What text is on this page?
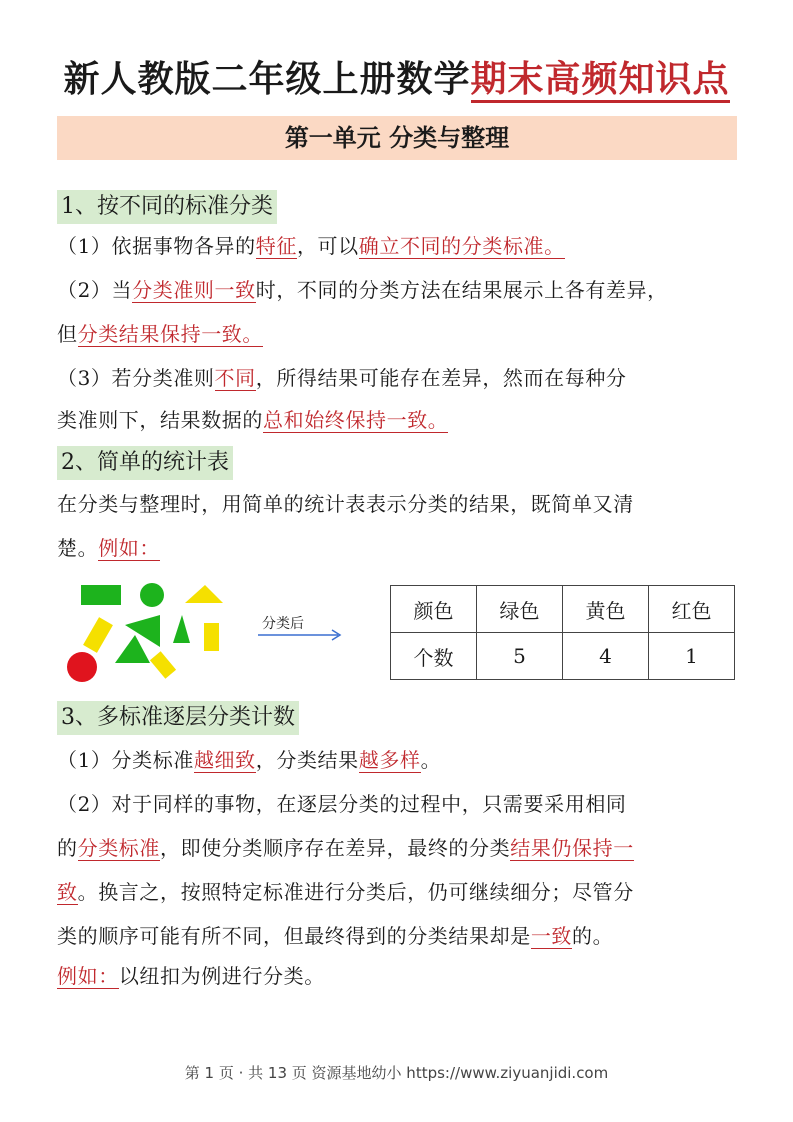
新人教版二年级上册数学期末高频知识点
第一单元 分类与整理
1、按不同的标准分类
（1）依据事物各异的特征，可以确立不同的分类标准。
（2）当分类准则一致时，不同的分类方法在结果展示上各有差异，
但分类结果保持一致。
（3）若分类准则不同，所得结果可能存在差异，然而在每种分
类准则下，结果数据的总和始终保持一致。
2、简单的统计表
在分类与整理时，用简单的统计表表示分类的结果，既简单又清
楚。例如：
分类后
颜色	绿色	黄色	红色
个数	5	4	1
3、多标准逐层分类计数
（1）分类标准越细致，分类结果越多样。
（2）对于同样的事物，在逐层分类的过程中，只需要采用相同
的分类标准，即使分类顺序存在差异，最终的分类结果仍保持一
致。换言之，按照特定标准进行分类后，仍可继续细分；尽管分
类的顺序可能有所不同，但最终得到的分类结果却是一致的。
例如：以纽扣为例进行分类。
第 1 页 · 共 13 页 资源基地幼小 https://www.ziyuanjidi.com
